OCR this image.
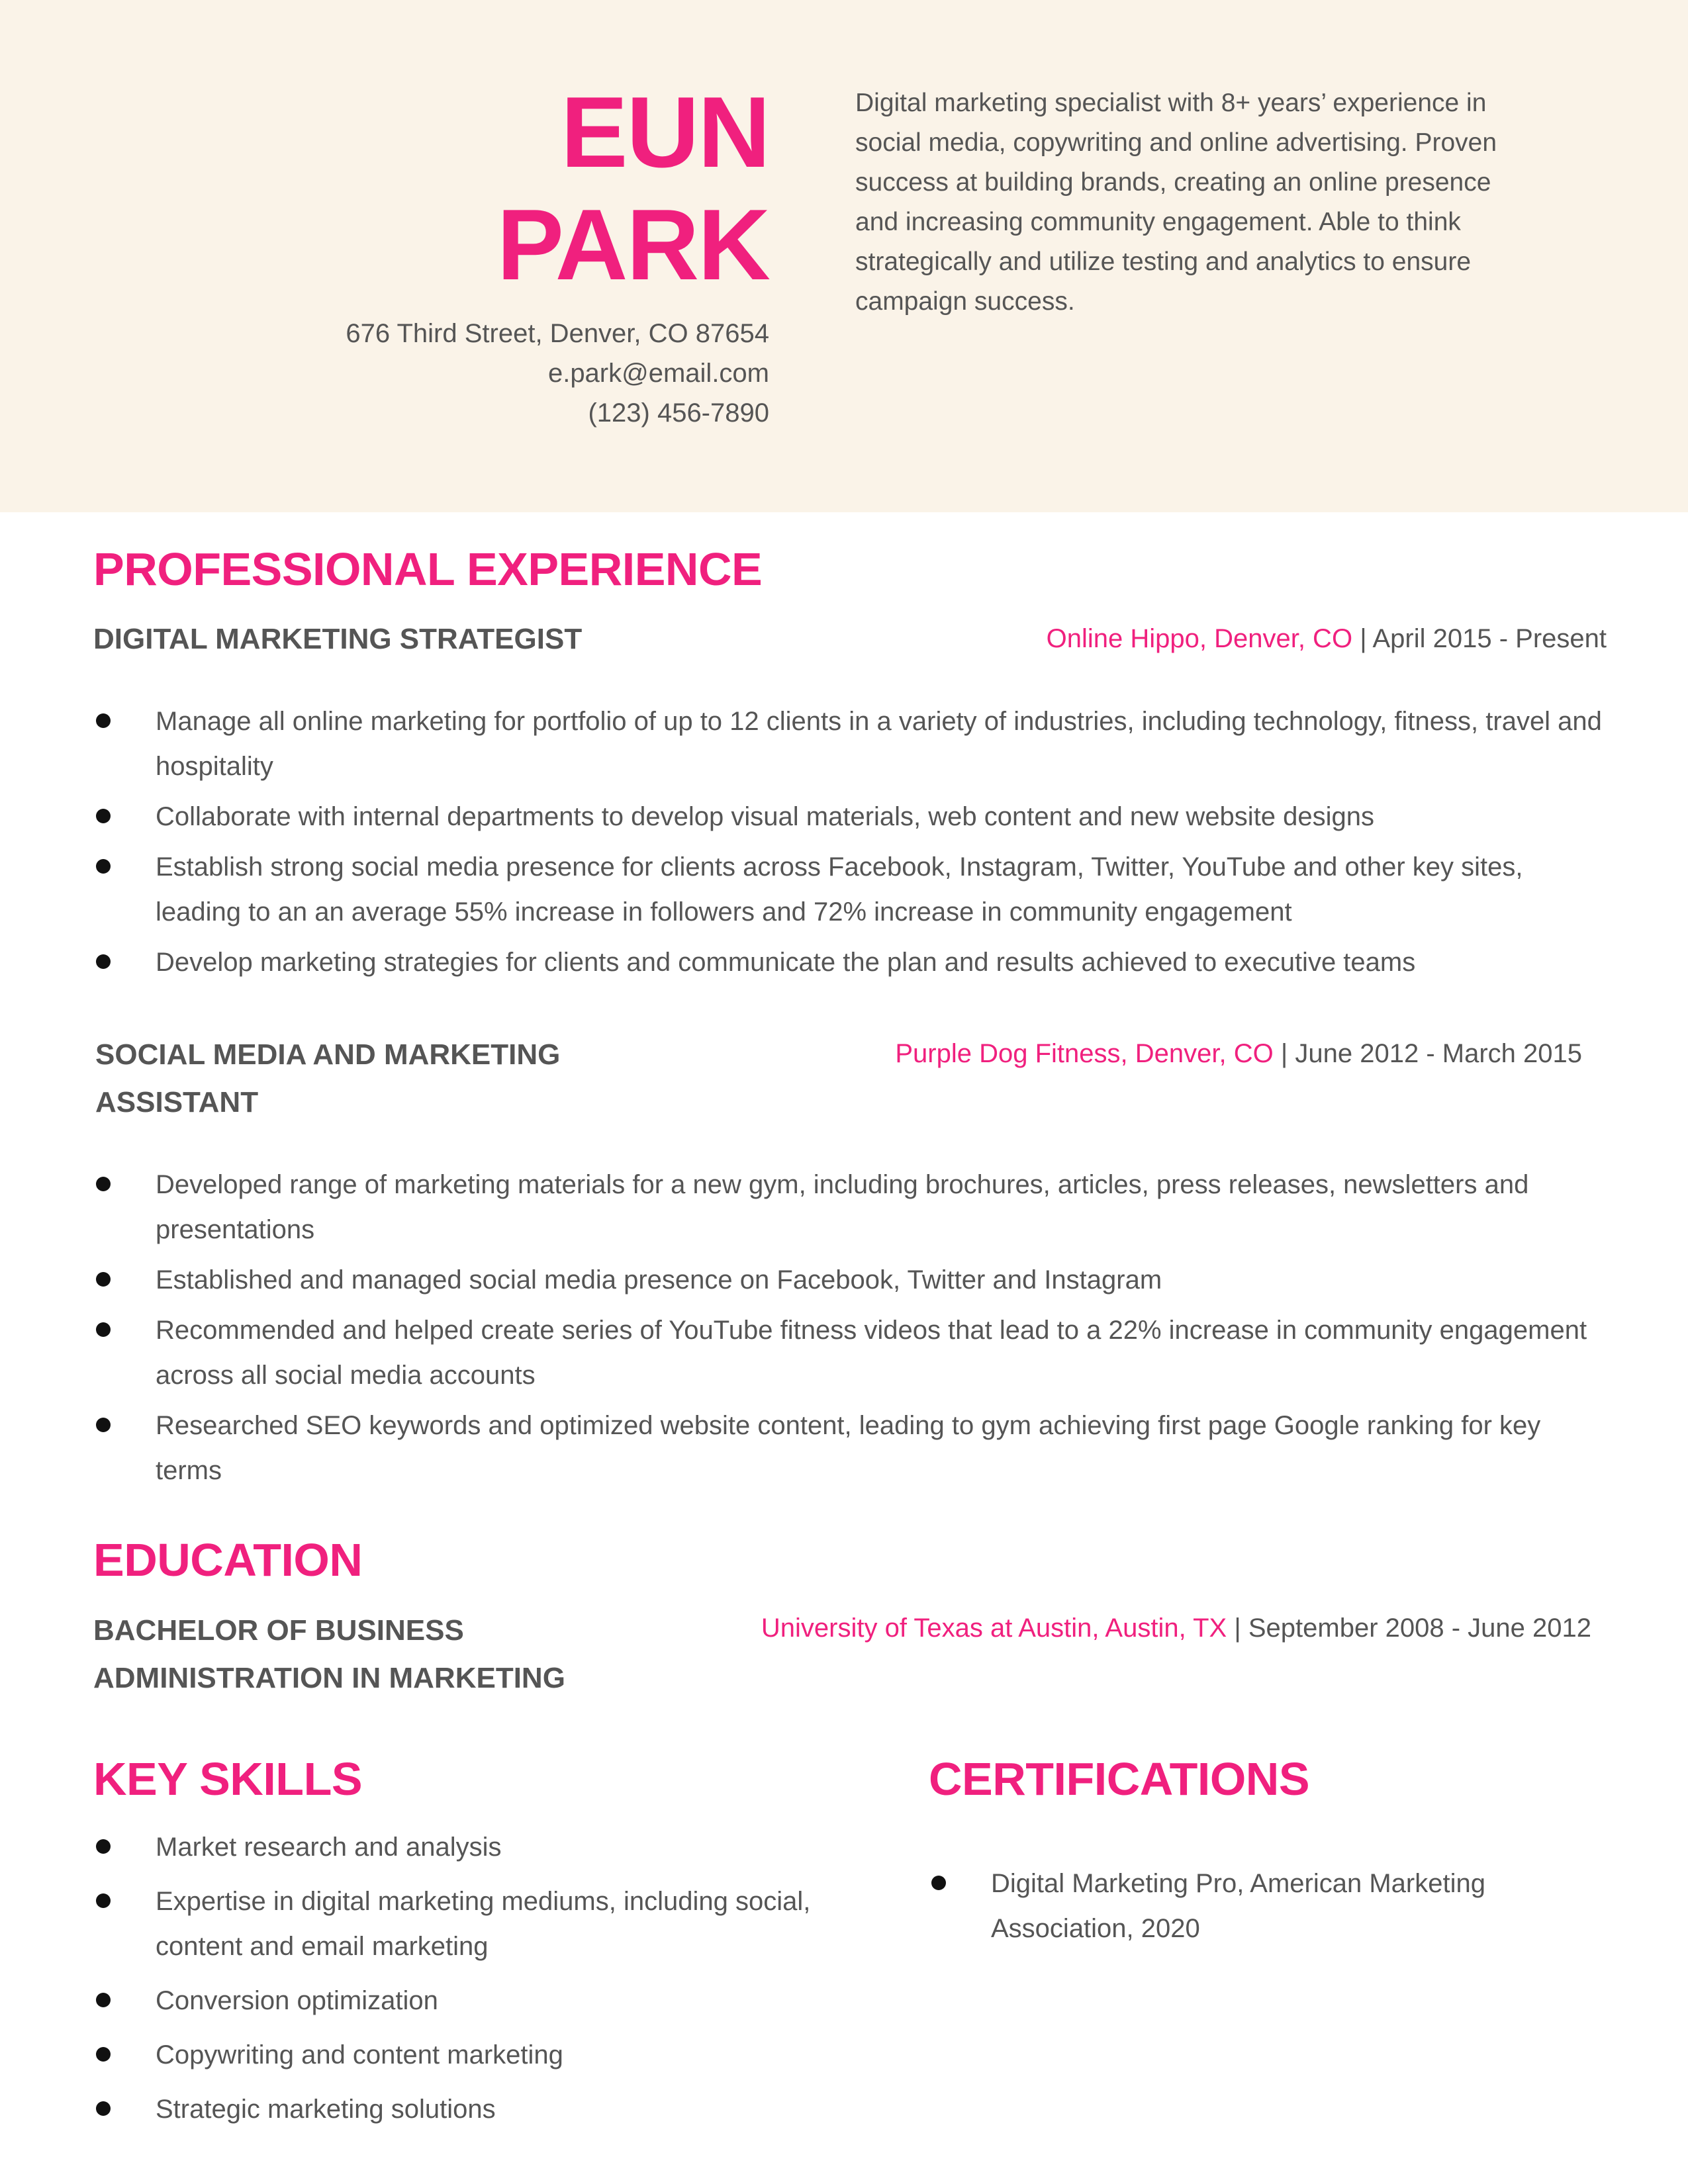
EUN
PARK
676 Third Street, Denver, CO 87654
e.park@email.com
(123) 456-7890
Digital marketing specialist with 8+ years’ experience in social media, copywriting and online advertising. Proven success at building brands, creating an online presence and increasing community engagement. Able to think strategically and utilize testing and analytics to ensure campaign success.
PROFESSIONAL EXPERIENCE
DIGITAL MARKETING STRATEGIST	Online Hippo, Denver, CO | April 2015 - Present
Manage all online marketing for portfolio of up to 12 clients in a variety of industries, including technology, fitness, travel and hospitality
Collaborate with internal departments to develop visual materials, web content and new website designs
Establish strong social media presence for clients across Facebook, Instagram, Twitter, YouTube and other key sites, leading to an an average 55% increase in followers and 72% increase in community engagement
Develop marketing strategies for clients and communicate the plan and results achieved to executive teams
SOCIAL MEDIA AND MARKETING
ASSISTANT
Purple Dog Fitness, Denver, CO | June 2012 - March 2015
Developed range of marketing materials for a new gym, including brochures, articles, press releases, newsletters and presentations
Established and managed social media presence on Facebook, Twitter and Instagram
Recommended and helped create series of YouTube fitness videos that lead to a 22% increase in community engagement across all social media accounts
Researched SEO keywords and optimized website content, leading to gym achieving first page Google ranking for key terms
EDUCATION
BACHELOR OF BUSINESS
ADMINISTRATION IN MARKETING
University of Texas at Austin, Austin, TX | September 2008 - June 2012
KEY SKILLS
Market research and analysis
Expertise in digital marketing mediums, including social, content and email marketing
Conversion optimization
Copywriting and content marketing
Strategic marketing solutions
CERTIFICATIONS
Digital Marketing Pro, American Marketing Association, 2020
